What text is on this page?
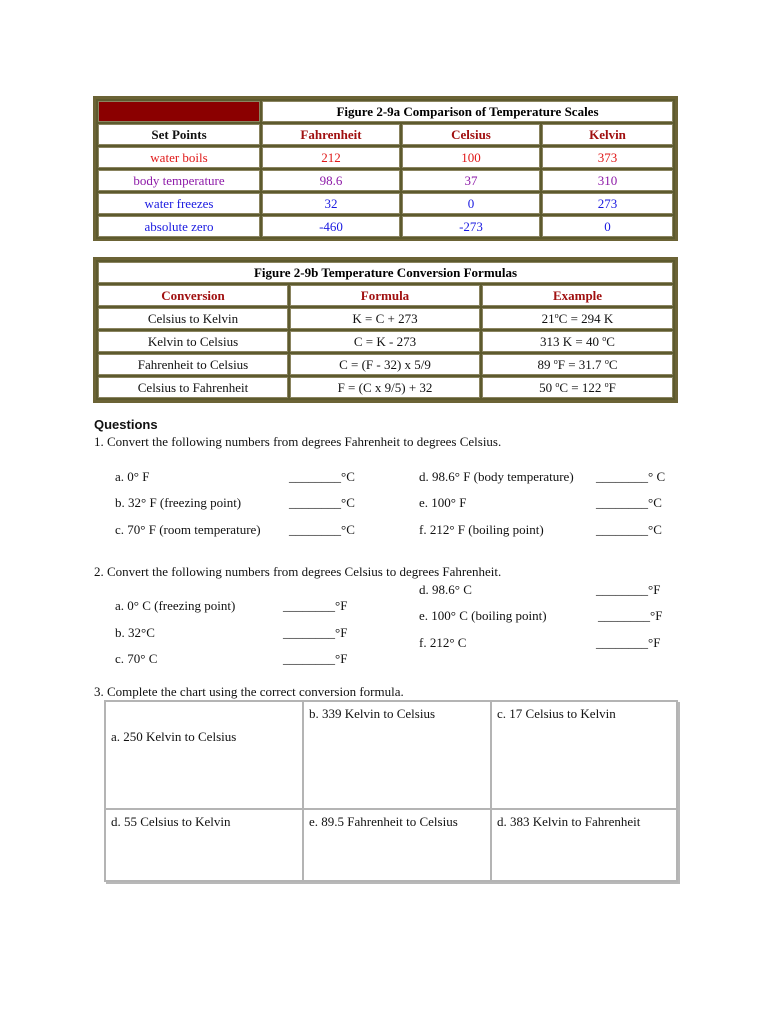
	Figure 2-9a Comparison of Temperature Scales		
Set Points	Fahrenheit	Celsius	Kelvin
water boils	212	100	373
body temperature	98.6	37	310
water freezes	32	0	273
absolute zero	-460	-273	0
Figure 2-9b Temperature Conversion Formulas		
Conversion	Formula	Example
Celsius to Kelvin	K = C + 273	$21^oC = 294$ K
Kelvin to Celsius	C = K - 273	313 K = 40 $^o$C
Fahrenheit to Celsius	C = (F - 32) x 5/9	89 $^o$F = 31.7 $^o$C
Celsius to Fahrenheit	F = (C x 9/5) + 32	50 $^o$C = 122 $^o$F
Questions
1. Convert the following numbers from degrees Fahrenheit to degrees Celsius.
a. 0° F	________°C
b. 32° F (freezing point)	________°C
c. 70° F (room temperature) ________°C
d. 98.6° F (body temperature) ________° C
e. 100° F	________°C
f. 212° F (boiling point)	________°C
2. Convert the following numbers from degrees Celsius to degrees Fahrenheit.
a. 0° C (freezing point)	________°F
b. 32°C	________°F
c. 70° C	________°F
d. 98.6° C	________°F
e. 100° C (boiling point)	________°F
f. 212° C	________°F
3. Complete the chart using the correct conversion formula.
a. 250 Kelvin to Celsius	b. 339 Kelvin to Celsius	c. 17 Celsius to Kelvin
d. 55 Celsius to Kelvin	e. 89.5 Fahrenheit to Celsius	d. 383 Kelvin to Fahrenheit
